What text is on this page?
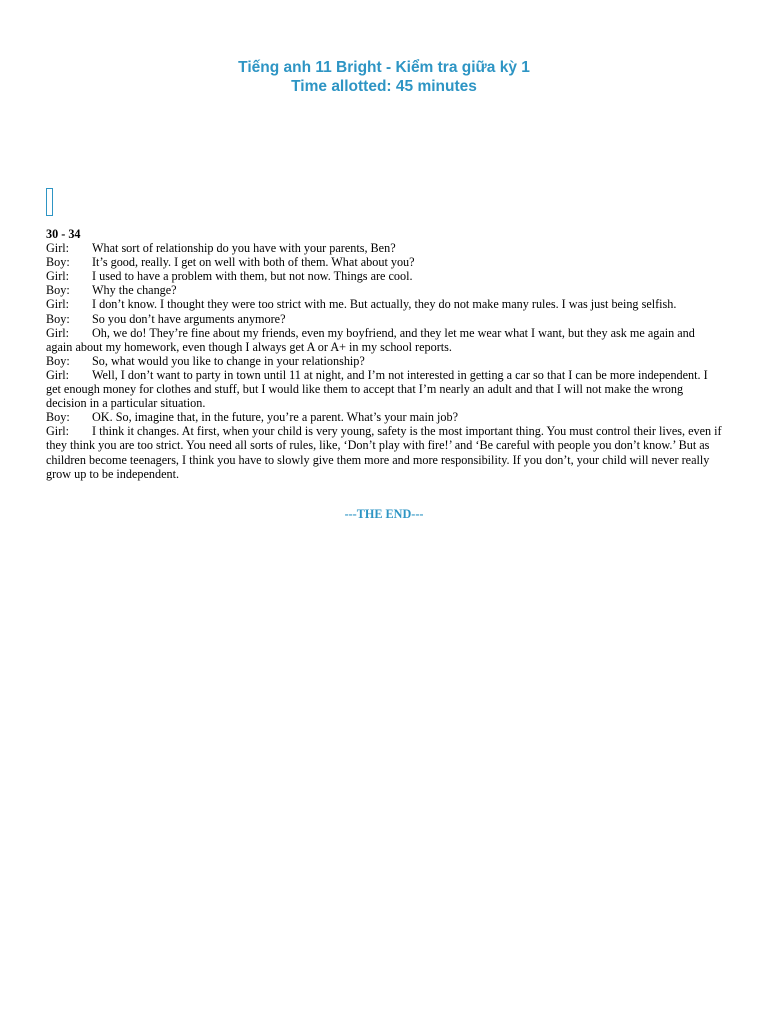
Tiếng anh 11 Bright - Kiểm tra giữa kỳ 1
Time allotted: 45 minutes
30 - 34

Girl: What sort of relationship do you have with your parents, Ben?

Boy: It’s good, really. I get on well with both of them. What about you?

Girl: I used to have a problem with them, but not now. Things are cool.

Boy: Why the change?

Girl: I don’t know. I thought they were too strict with me. But actually, they do not make many rules. I was just being selfish.

Boy: So you don’t have arguments anymore?

Girl: Oh, we do! They’re fine about my friends, even my boyfriend, and they let me wear what I want, but they ask me again and again about my homework, even though I always get A or A+ in my school reports.

Boy: So, what would you like to change in your relationship?

Girl: Well, I don’t want to party in town until 11 at night, and I’m not interested in getting a car so that I can be more independent. I get enough money for clothes and stuff, but I would like them to accept that I’m nearly an adult and that I will not make the wrong decision in a particular situation.

Boy: OK. So, imagine that, in the future, you’re a parent. What’s your main job?

Girl: I think it changes. At first, when your child is very young, safety is the most important thing. You must control their lives, even if they think you are too strict. You need all sorts of rules, like, ‘Don’t play with fire!’ and ‘Be careful with people you don’t know.’ But as children become teenagers, I think you have to slowly give them more and more responsibility. If you don’t, your child will never really grow up to be independent.

---THE END---
